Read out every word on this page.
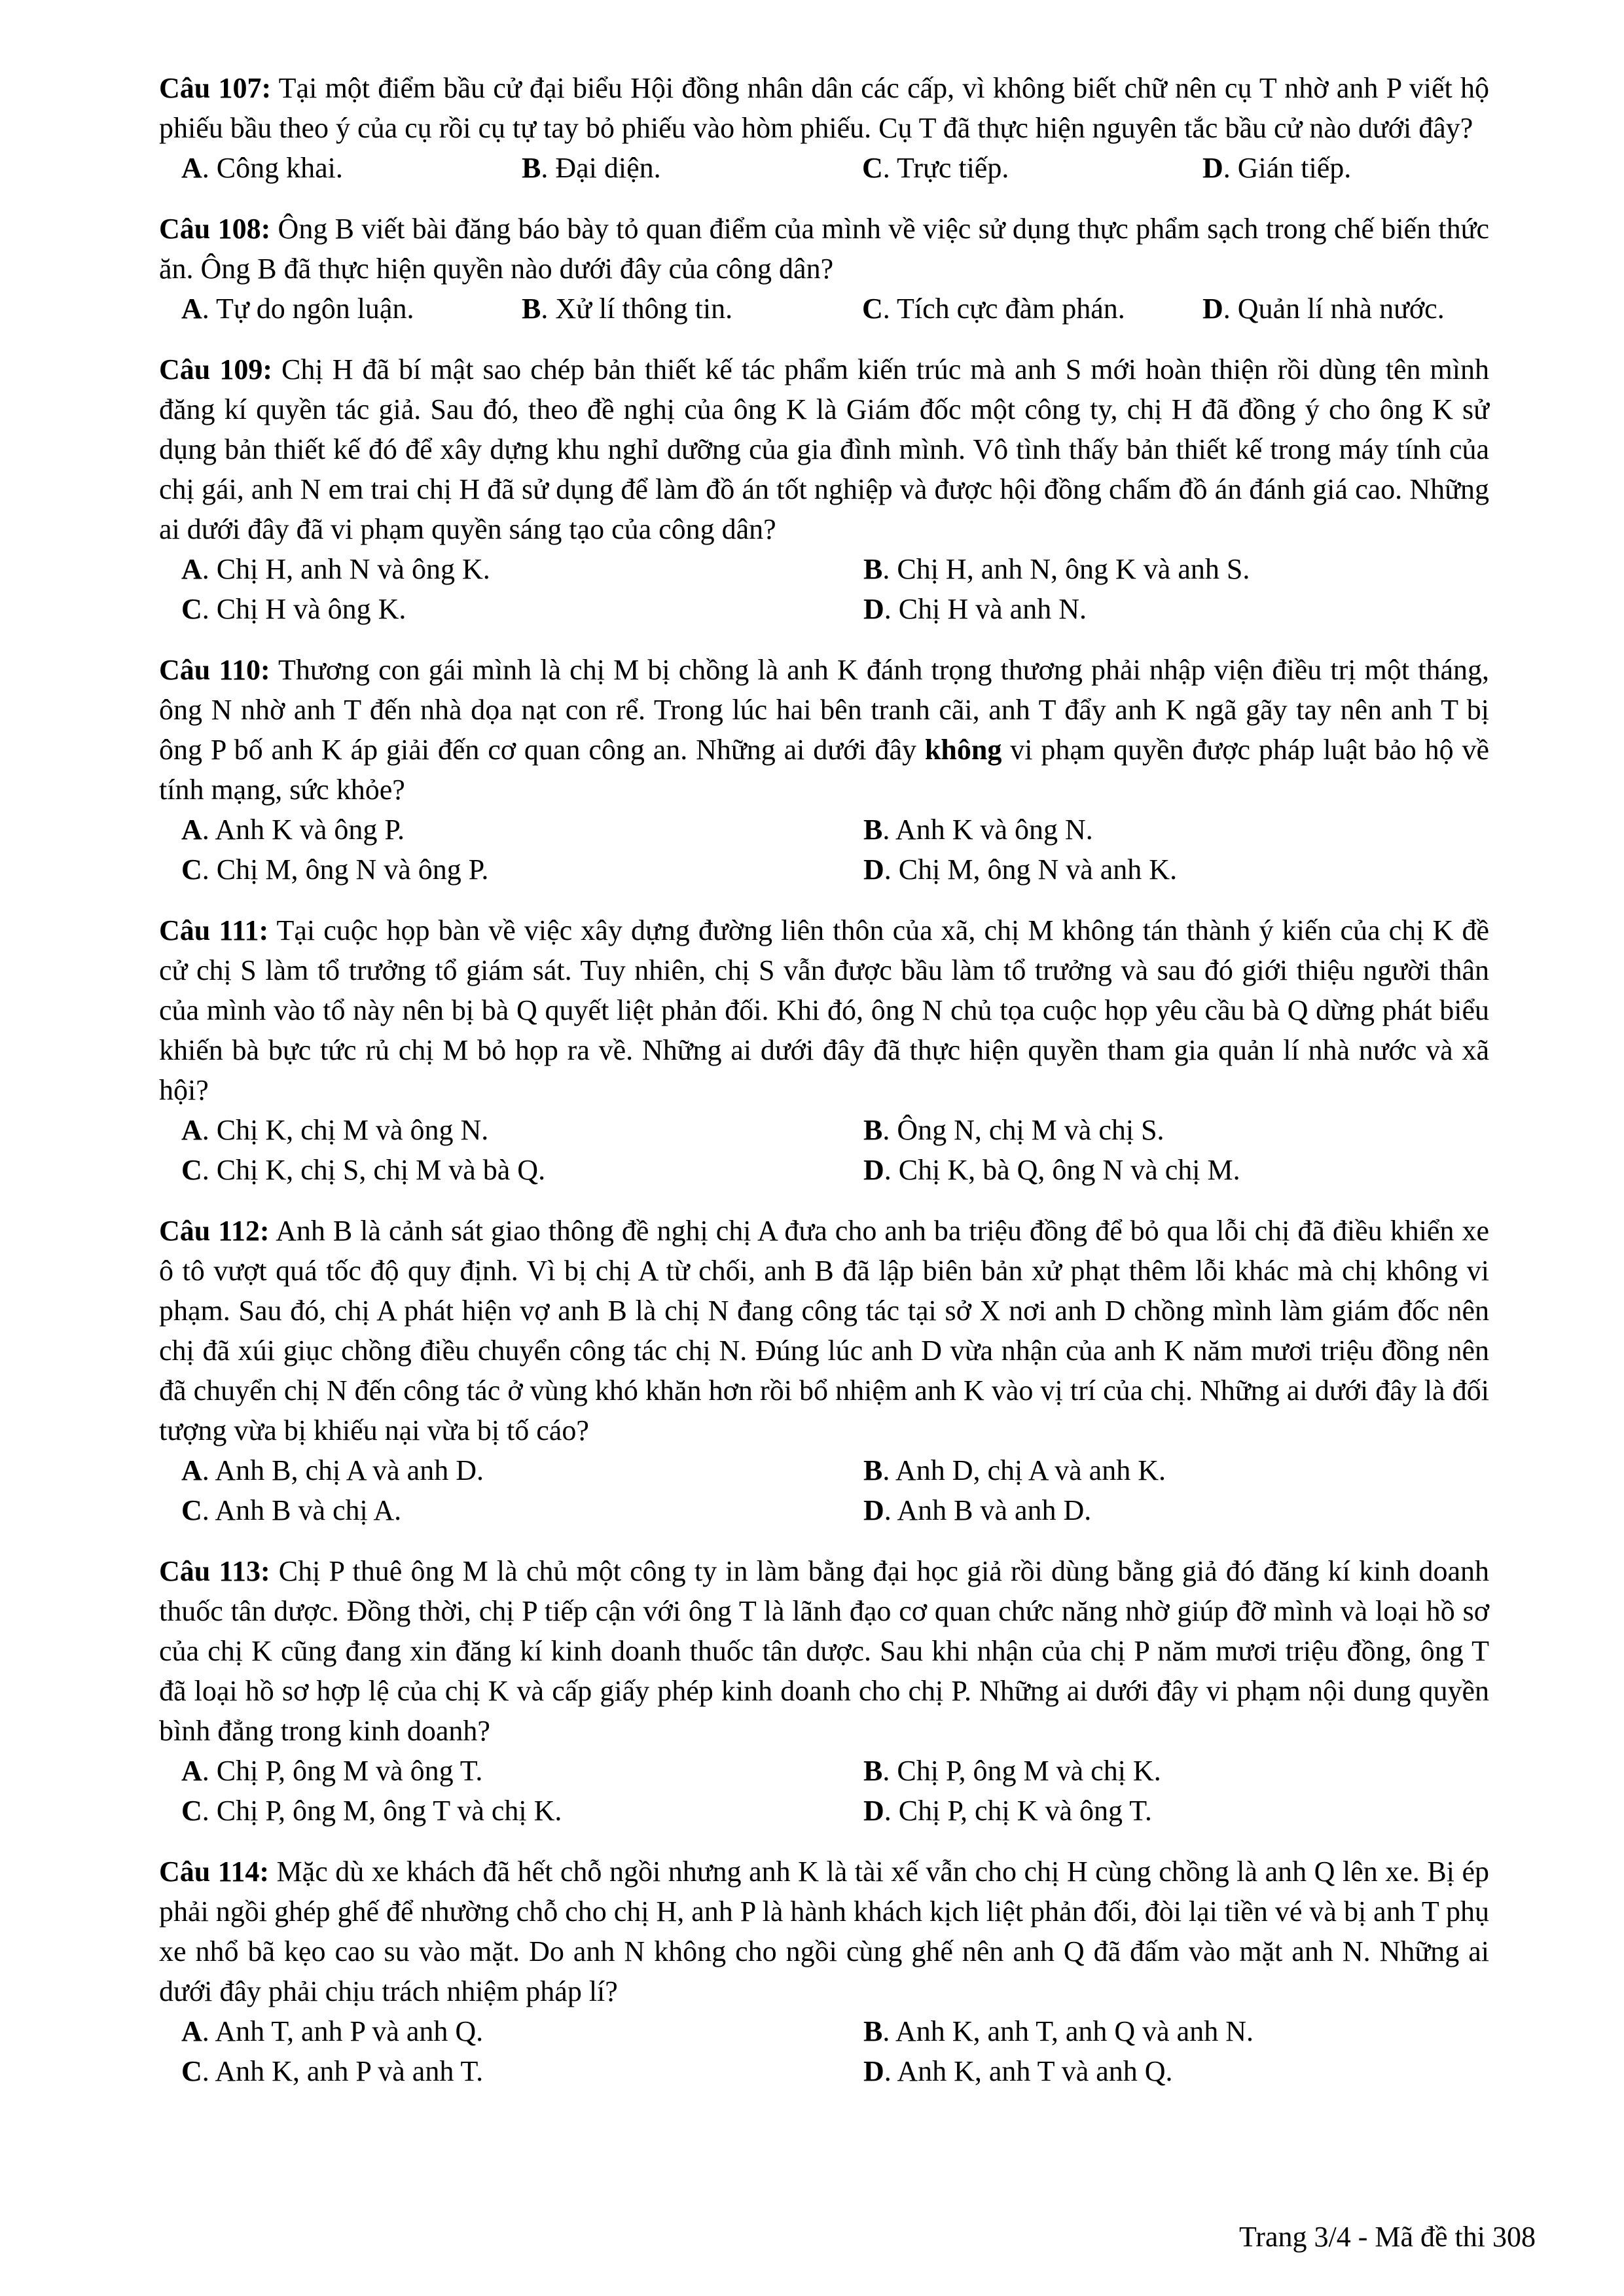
Câu 107: Tại một điểm bầu cử đại biểu Hội đồng nhân dân các cấp, vì không biết chữ nên cụ T nhờ anh P viết hộ phiếu bầu theo ý của cụ rồi cụ tự tay bỏ phiếu vào hòm phiếu. Cụ T đã thực hiện nguyên tắc bầu cử nào dưới đây?

A. Công khai.	B. Đại diện.	C. Trực tiếp.	D. Gián tiếp.

Câu 108: Ông B viết bài đăng báo bày tỏ quan điểm của mình về việc sử dụng thực phẩm sạch trong chế biến thức ăn. Ông B đã thực hiện quyền nào dưới đây của công dân?

A. Tự do ngôn luận.	B. Xử lí thông tin.	C. Tích cực đàm phán.	D. Quản lí nhà nước.

Câu 109: Chị H đã bí mật sao chép bản thiết kế tác phẩm kiến trúc mà anh S mới hoàn thiện rồi dùng tên mình đăng kí quyền tác giả. Sau đó, theo đề nghị của ông K là Giám đốc một công ty, chị H đã đồng ý cho ông K sử dụng bản thiết kế đó để xây dựng khu nghỉ dưỡng của gia đình mình. Vô tình thấy bản thiết kế trong máy tính của chị gái, anh N em trai chị H đã sử dụng để làm đồ án tốt nghiệp và được hội đồng chấm đồ án đánh giá cao. Những ai dưới đây đã vi phạm quyền sáng tạo của công dân?

A. Chị H, anh N và ông K.	B. Chị H, anh N, ông K và anh S.
C. Chị H và ông K.	D. Chị H và anh N.

Câu 110: Thương con gái mình là chị M bị chồng là anh K đánh trọng thương phải nhập viện điều trị một tháng, ông N nhờ anh T đến nhà dọa nạt con rể. Trong lúc hai bên tranh cãi, anh T đẩy anh K ngã gãy tay nên anh T bị ông P bố anh K áp giải đến cơ quan công an. Những ai dưới đây không vi phạm quyền được pháp luật bảo hộ về tính mạng, sức khỏe?

A. Anh K và ông P.	B. Anh K và ông N.
C. Chị M, ông N và ông P.	D. Chị M, ông N và anh K.

Câu 111: Tại cuộc họp bàn về việc xây dựng đường liên thôn của xã, chị M không tán thành ý kiến của chị K đề cử chị S làm tổ trưởng tổ giám sát. Tuy nhiên, chị S vẫn được bầu làm tổ trưởng và sau đó giới thiệu người thân của mình vào tổ này nên bị bà Q quyết liệt phản đối. Khi đó, ông N chủ tọa cuộc họp yêu cầu bà Q dừng phát biểu khiến bà bực tức rủ chị M bỏ họp ra về. Những ai dưới đây đã thực hiện quyền tham gia quản lí nhà nước và xã hội?

A. Chị K, chị M và ông N.	B. Ông N, chị M và chị S.
C. Chị K, chị S, chị M và bà Q.	D. Chị K, bà Q, ông N và chị M.

Câu 112: Anh B là cảnh sát giao thông đề nghị chị A đưa cho anh ba triệu đồng để bỏ qua lỗi chị đã điều khiển xe ô tô vượt quá tốc độ quy định. Vì bị chị A từ chối, anh B đã lập biên bản xử phạt thêm lỗi khác mà chị không vi phạm. Sau đó, chị A phát hiện vợ anh B là chị N đang công tác tại sở X nơi anh D chồng mình làm giám đốc nên chị đã xúi giục chồng điều chuyển công tác chị N. Đúng lúc anh D vừa nhận của anh K năm mươi triệu đồng nên đã chuyển chị N đến công tác ở vùng khó khăn hơn rồi bổ nhiệm anh K vào vị trí của chị. Những ai dưới đây là đối tượng vừa bị khiếu nại vừa bị tố cáo?

A. Anh B, chị A và anh D.	B. Anh D, chị A và anh K.
C. Anh B và chị A.	D. Anh B và anh D.

Câu 113: Chị P thuê ông M là chủ một công ty in làm bằng đại học giả rồi dùng bằng giả đó đăng kí kinh doanh thuốc tân dược. Đồng thời, chị P tiếp cận với ông T là lãnh đạo cơ quan chức năng nhờ giúp đỡ mình và loại hồ sơ của chị K cũng đang xin đăng kí kinh doanh thuốc tân dược. Sau khi nhận của chị P năm mươi triệu đồng, ông T đã loại hồ sơ hợp lệ của chị K và cấp giấy phép kinh doanh cho chị P. Những ai dưới đây vi phạm nội dung quyền bình đẳng trong kinh doanh?

A. Chị P, ông M và ông T.	B. Chị P, ông M và chị K.
C. Chị P, ông M, ông T và chị K.	D. Chị P, chị K và ông T.

Câu 114: Mặc dù xe khách đã hết chỗ ngồi nhưng anh K là tài xế vẫn cho chị H cùng chồng là anh Q lên xe. Bị ép phải ngồi ghép ghế để nhường chỗ cho chị H, anh P là hành khách kịch liệt phản đối, đòi lại tiền vé và bị anh T phụ xe nhổ bã kẹo cao su vào mặt. Do anh N không cho ngồi cùng ghế nên anh Q đã đấm vào mặt anh N. Những ai dưới đây phải chịu trách nhiệm pháp lí?

A. Anh T, anh P và anh Q.	B. Anh K, anh T, anh Q và anh N.
C. Anh K, anh P và anh T.	D. Anh K, anh T và anh Q.
Trang 3/4 - Mã đề thi 308
